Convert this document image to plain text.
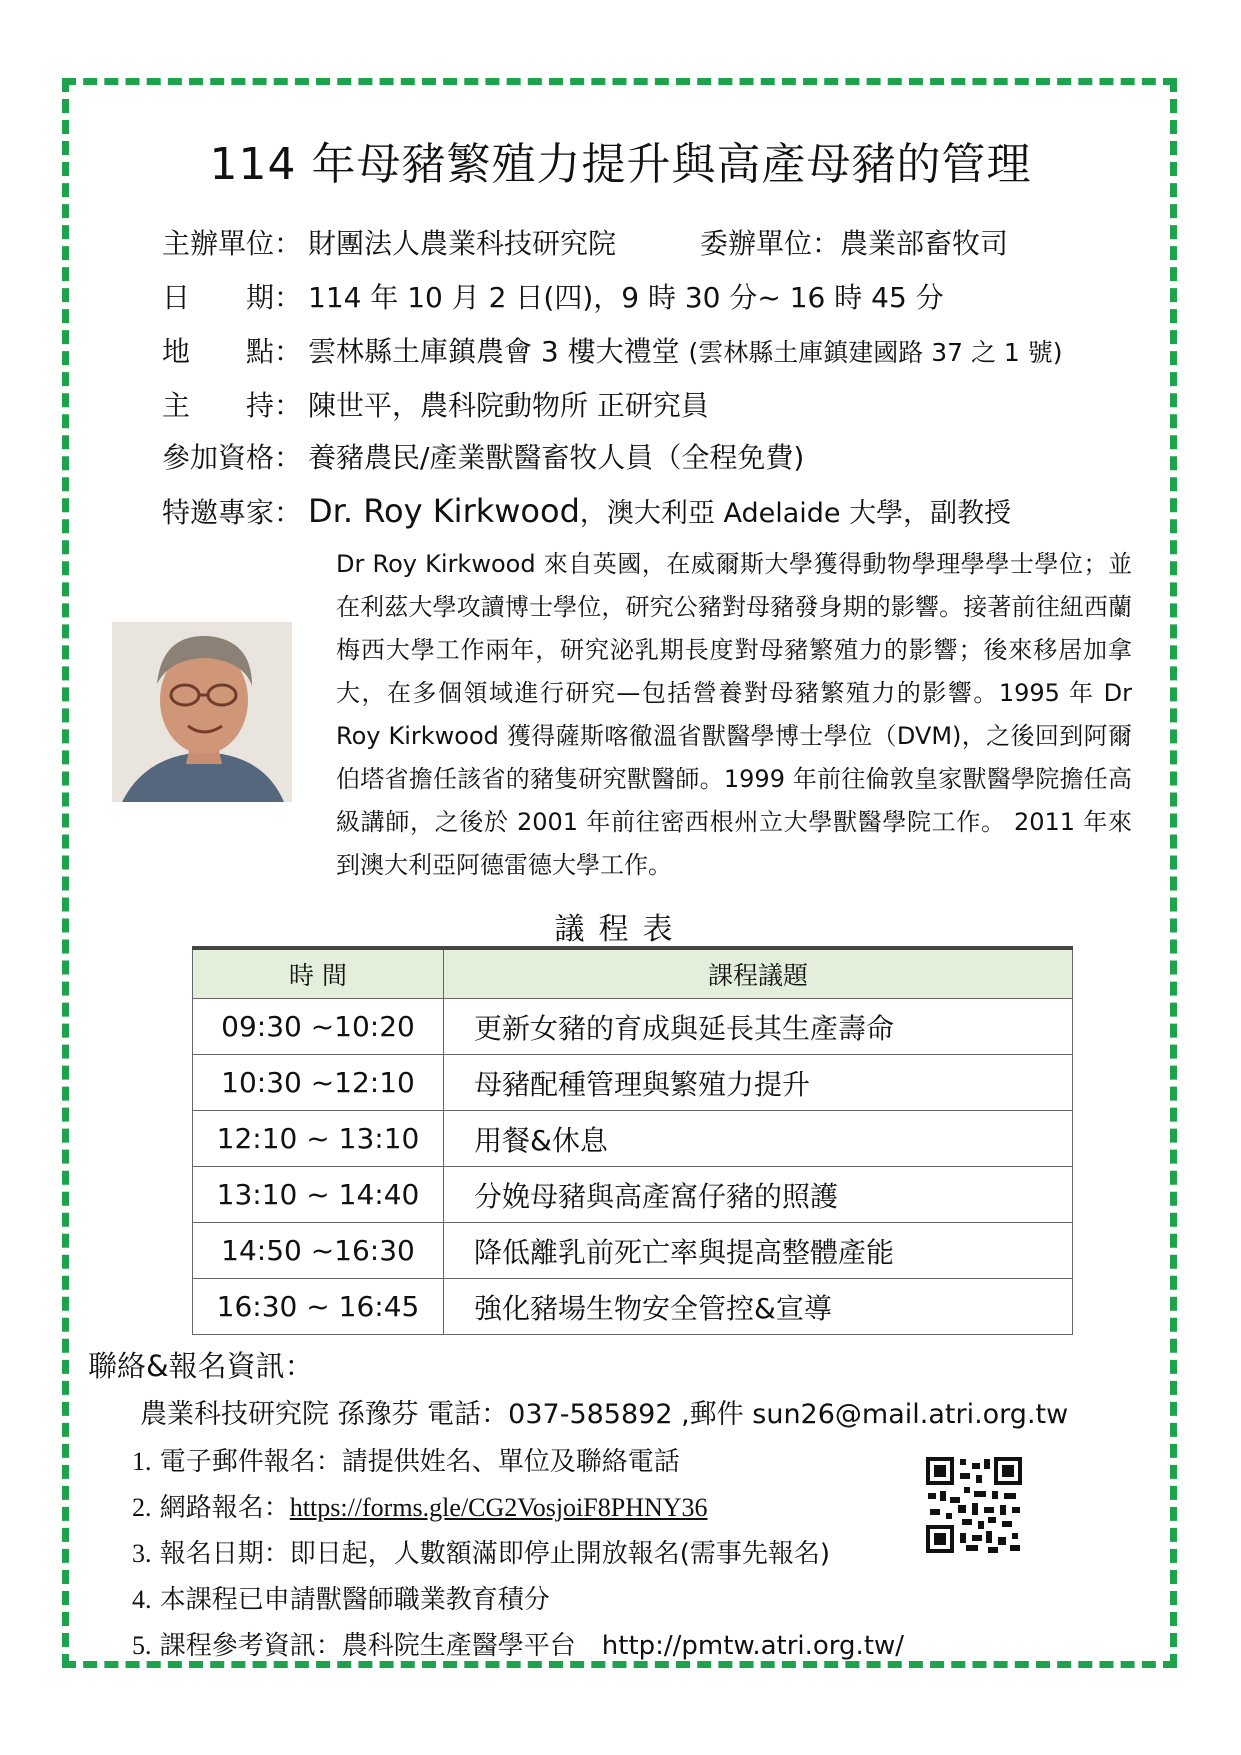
114 年母豬繁殖力提升與高產母豬的管理
主辦單位： 財團法人農業科技研究院	委辦單位：農業部畜牧司
日　　期： 114 年 10 月 2 日(四)，9 時 30 分~ 16 時 45 分
地　　點： 雲林縣土庫鎮農會 3 樓大禮堂 (雲林縣土庫鎮建國路 37 之 1 號)
主　　持： 陳世平，農科院動物所 正研究員
參加資格： 養豬農民/產業獸醫畜牧人員（全程免費)
特邀專家： Dr. Roy Kirkwood，澳大利亞 Adelaide 大學，副教授
Dr Roy Kirkwood 來自英國，在威爾斯大學獲得動物學理學學士學位；並在利茲大學攻讀博士學位，研究公豬對母豬發身期的影響。接著前往紐西蘭梅西大學工作兩年，研究泌乳期長度對母豬繁殖力的影響；後來移居加拿大，在多個領域進行研究—包括營養對母豬繁殖力的影響。1995 年 Dr Roy Kirkwood 獲得薩斯喀徹溫省獸醫學博士學位（DVM)，之後回到阿爾伯塔省擔任該省的豬隻研究獸醫師。1999 年前往倫敦皇家獸醫學院擔任高級講師，之後於 2001 年前往密西根州立大學獸醫學院工作。 2011 年來到澳大利亞阿德雷德大學工作。
議程表
時 間	課程議題
09:30 ~10:20	更新女豬的育成與延長其生產壽命
10:30 ~12:10	母豬配種管理與繁殖力提升
12:10 ~ 13:10	用餐&休息
13:10 ~ 14:40	分娩母豬與高產窩仔豬的照護
14:50 ~16:30	降低離乳前死亡率與提高整體產能
16:30 ~ 16:45	強化豬場生物安全管控&宣導
聯絡&報名資訊：
農業科技研究院 孫豫芬 電話：037-585892 ,郵件 sun26@mail.atri.org.tw
1. 電子郵件報名：請提供姓名、單位及聯絡電話
2. 網路報名：https://forms.gle/CG2VosjoiF8PHNY36
3. 報名日期：即日起，人數額滿即停止開放報名(需事先報名)
4. 本課程已申請獸醫師職業教育積分
5. 課程參考資訊：農科院生產醫學平台　http://pmtw.atri.org.tw/
